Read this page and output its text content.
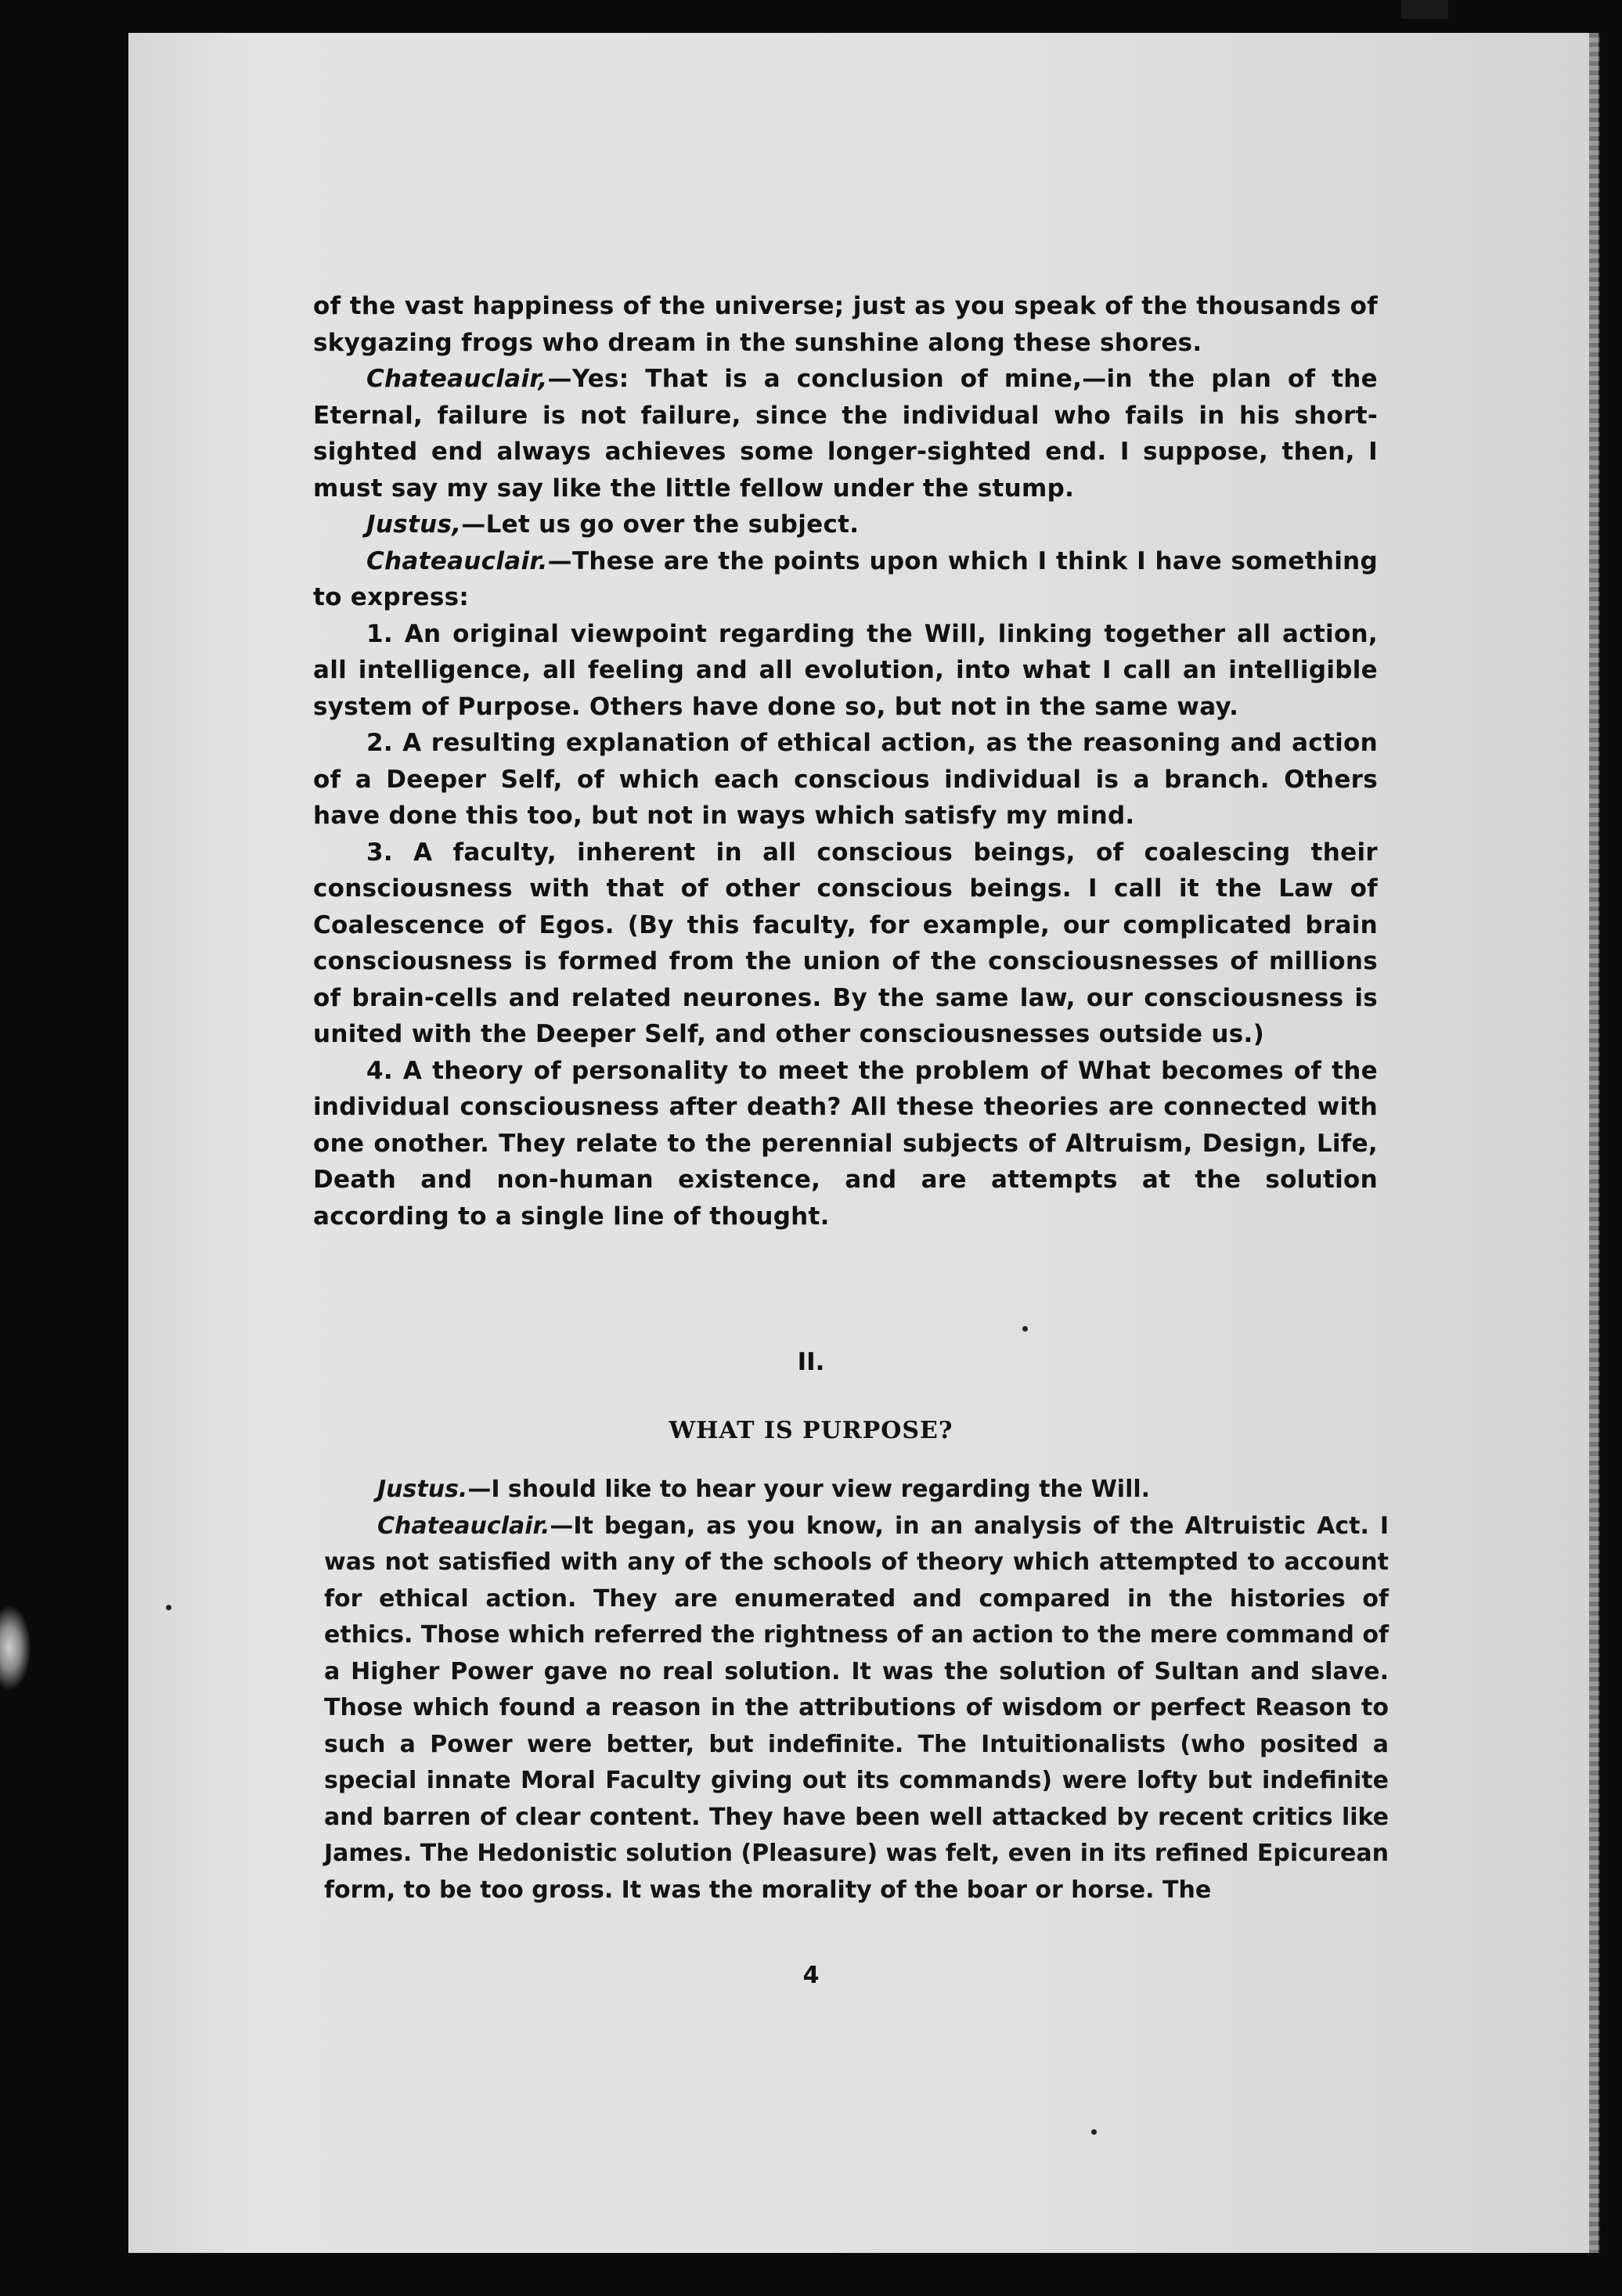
of the vast happiness of the universe; just as you speak of the thousands of skygazing frogs who dream in the sunshine along these shores.

Chateauclair,—Yes: That is a conclusion of mine,—in the plan of the Eternal, failure is not failure, since the individual who fails in his short-sighted end always achieves some longer-sighted end. I suppose, then, I must say my say like the little fellow under the stump.

Justus,—Let us go over the subject.

Chateauclair.—These are the points upon which I think I have something to express:

1. An original viewpoint regarding the Will, linking together all action, all intelligence, all feeling and all evolution, into what I call an intelligible system of Purpose. Others have done so, but not in the same way.

2. A resulting explanation of ethical action, as the reasoning and action of a Deeper Self, of which each conscious individual is a branch. Others have done this too, but not in ways which satisfy my mind.

3. A faculty, inherent in all conscious beings, of coalescing their consciousness with that of other conscious beings. I call it the Law of Coalescence of Egos. (By this faculty, for example, our complicated brain consciousness is formed from the union of the consciousnesses of millions of brain-cells and related neurones. By the same law, our consciousness is united with the Deeper Self, and other consciousnesses outside us.)

4. A theory of personality to meet the problem of What becomes of the individual consciousness after death? All these theories are connected with one onother. They relate to the perennial subjects of Altruism, Design, Life, Death and non-human existence, and are attempts at the solution according to a single line of thought.

II.
WHAT IS PURPOSE?

Justus.—I should like to hear your view regarding the Will.

Chateauclair.—It began, as you know, in an analysis of the Altruistic Act. I was not satisfied with any of the schools of theory which attempted to account for ethical action. They are enumerated and compared in the histories of ethics. Those which referred the rightness of an action to the mere command of a Higher Power gave no real solution. It was the solution of Sultan and slave. Those which found a reason in the attributions of wisdom or perfect Reason to such a Power were better, but indefinite. The Intuitionalists (who posited a special innate Moral Faculty giving out its commands) were lofty but indefinite and barren of clear content. They have been well attacked by recent critics like James. The Hedonistic solution (Pleasure) was felt, even in its refined Epicurean form, to be too gross. It was the morality of the boar or horse. The

4
